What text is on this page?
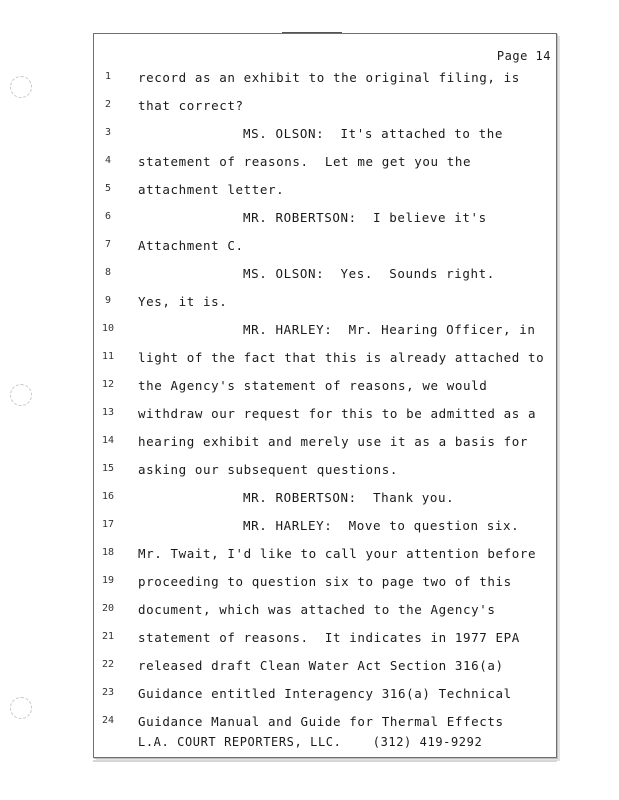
Page 14
1	record as an exhibit to the original filing, is
2	that correct?
3	MS. OLSON:  It's attached to the
4	statement of reasons.  Let me get you the
5	attachment letter.
6	MR. ROBERTSON:  I believe it's
7	Attachment C.
8	MS. OLSON:  Yes.  Sounds right.
9	Yes, it is.
10	MR. HARLEY:  Mr. Hearing Officer, in
11	light of the fact that this is already attached to
12	the Agency's statement of reasons, we would
13	withdraw our request for this to be admitted as a
14	hearing exhibit and merely use it as a basis for
15	asking our subsequent questions.
16	MR. ROBERTSON:  Thank you.
17	MR. HARLEY:  Move to question six.
18	Mr. Twait, I'd like to call your attention before
19	proceeding to question six to page two of this
20	document, which was attached to the Agency's
21	statement of reasons.  It indicates in 1977 EPA
22	released draft Clean Water Act Section 316(a)
23	Guidance entitled Interagency 316(a) Technical
24	Guidance Manual and Guide for Thermal Effects
L.A. COURT REPORTERS, LLC.    (312) 419-9292
